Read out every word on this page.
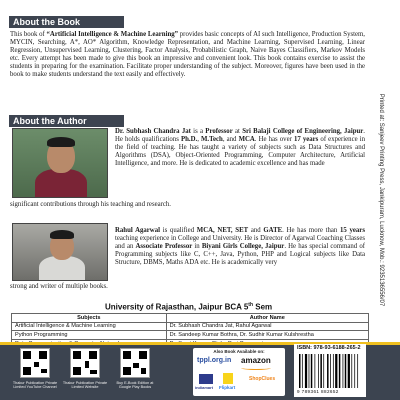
About the Book

This book of “Artificial Intelligence & Machine Learning” provides basic concepts of AI such Intelligence, Production System, MYCIN, Searching, A*, AO* Algorithm, Knowledge Representation, and Machine Learning, Supervised Learning, Linear Regression, Unsupervised Learning, Clustering, Factor Analysis, Probabilistic Graph, Naive Bayes Classifiers, Markov Models etc. Every attempt has been made to give this book an impressive and convenient look. This book contains exercise to assist the students in preparing for the examination. Facilitate proper understanding of the subject. Moreover, figures have been used in the book to make students understand the text easily and effectively.

About the Author

Dr. Subhash Chandra Jat is a Professor at Sri Balaji College of Engineering, Jaipur. He holds qualifications Ph.D., M.Tech, and MCA. He has over 17 years of experience in the field of teaching. He has taught a variety of subjects such as Data Structures and Algorithms (DSA), Object-Oriented Programming, Computer Architecture, Artificial Intelligence, and more. He is dedicated to academic excellence and has made

significant contributions through his teaching and research.

Rahul Agarwal is qualified MCA, NET, SET and GATE. He has more than 15 years teaching experience in College and University. He is Director of Agarwal Coaching Classes and an Associate Professor in Biyani Girls College, Jaipur. He has special command of Programming subjects like C, C++, Java, Python, PHP and Logical subjects like Data Structure, DBMS, Maths ADA etc. He is academically very

strong and writer of multiple books.

University of Rajasthan, Jaipur BCA 5th Sem
Subjects	Author Name
Artificial Intelligence & Machine Learning	Dr. Subhash Chandra Jat, Rahul Agarwal
Python Programming	Dr. Sandeep Kumar Bothra, Dr. Sudhir Kumar Kulshrestha

Printed at: Sanjeev Printing Press, Jankipuram, Lucknow, Mob.: 9235136556/07
Thakur Publication Private Limited YouTube Channel
Thakur Publication Private Limited Website
Buy E-Book Edition at Google Play Books
Also Book Available on:
tppl.org.in amazon
indiamart Flipkart
ShopClues
ISBN: 978-93-6188-265-2
9 789361 882652
